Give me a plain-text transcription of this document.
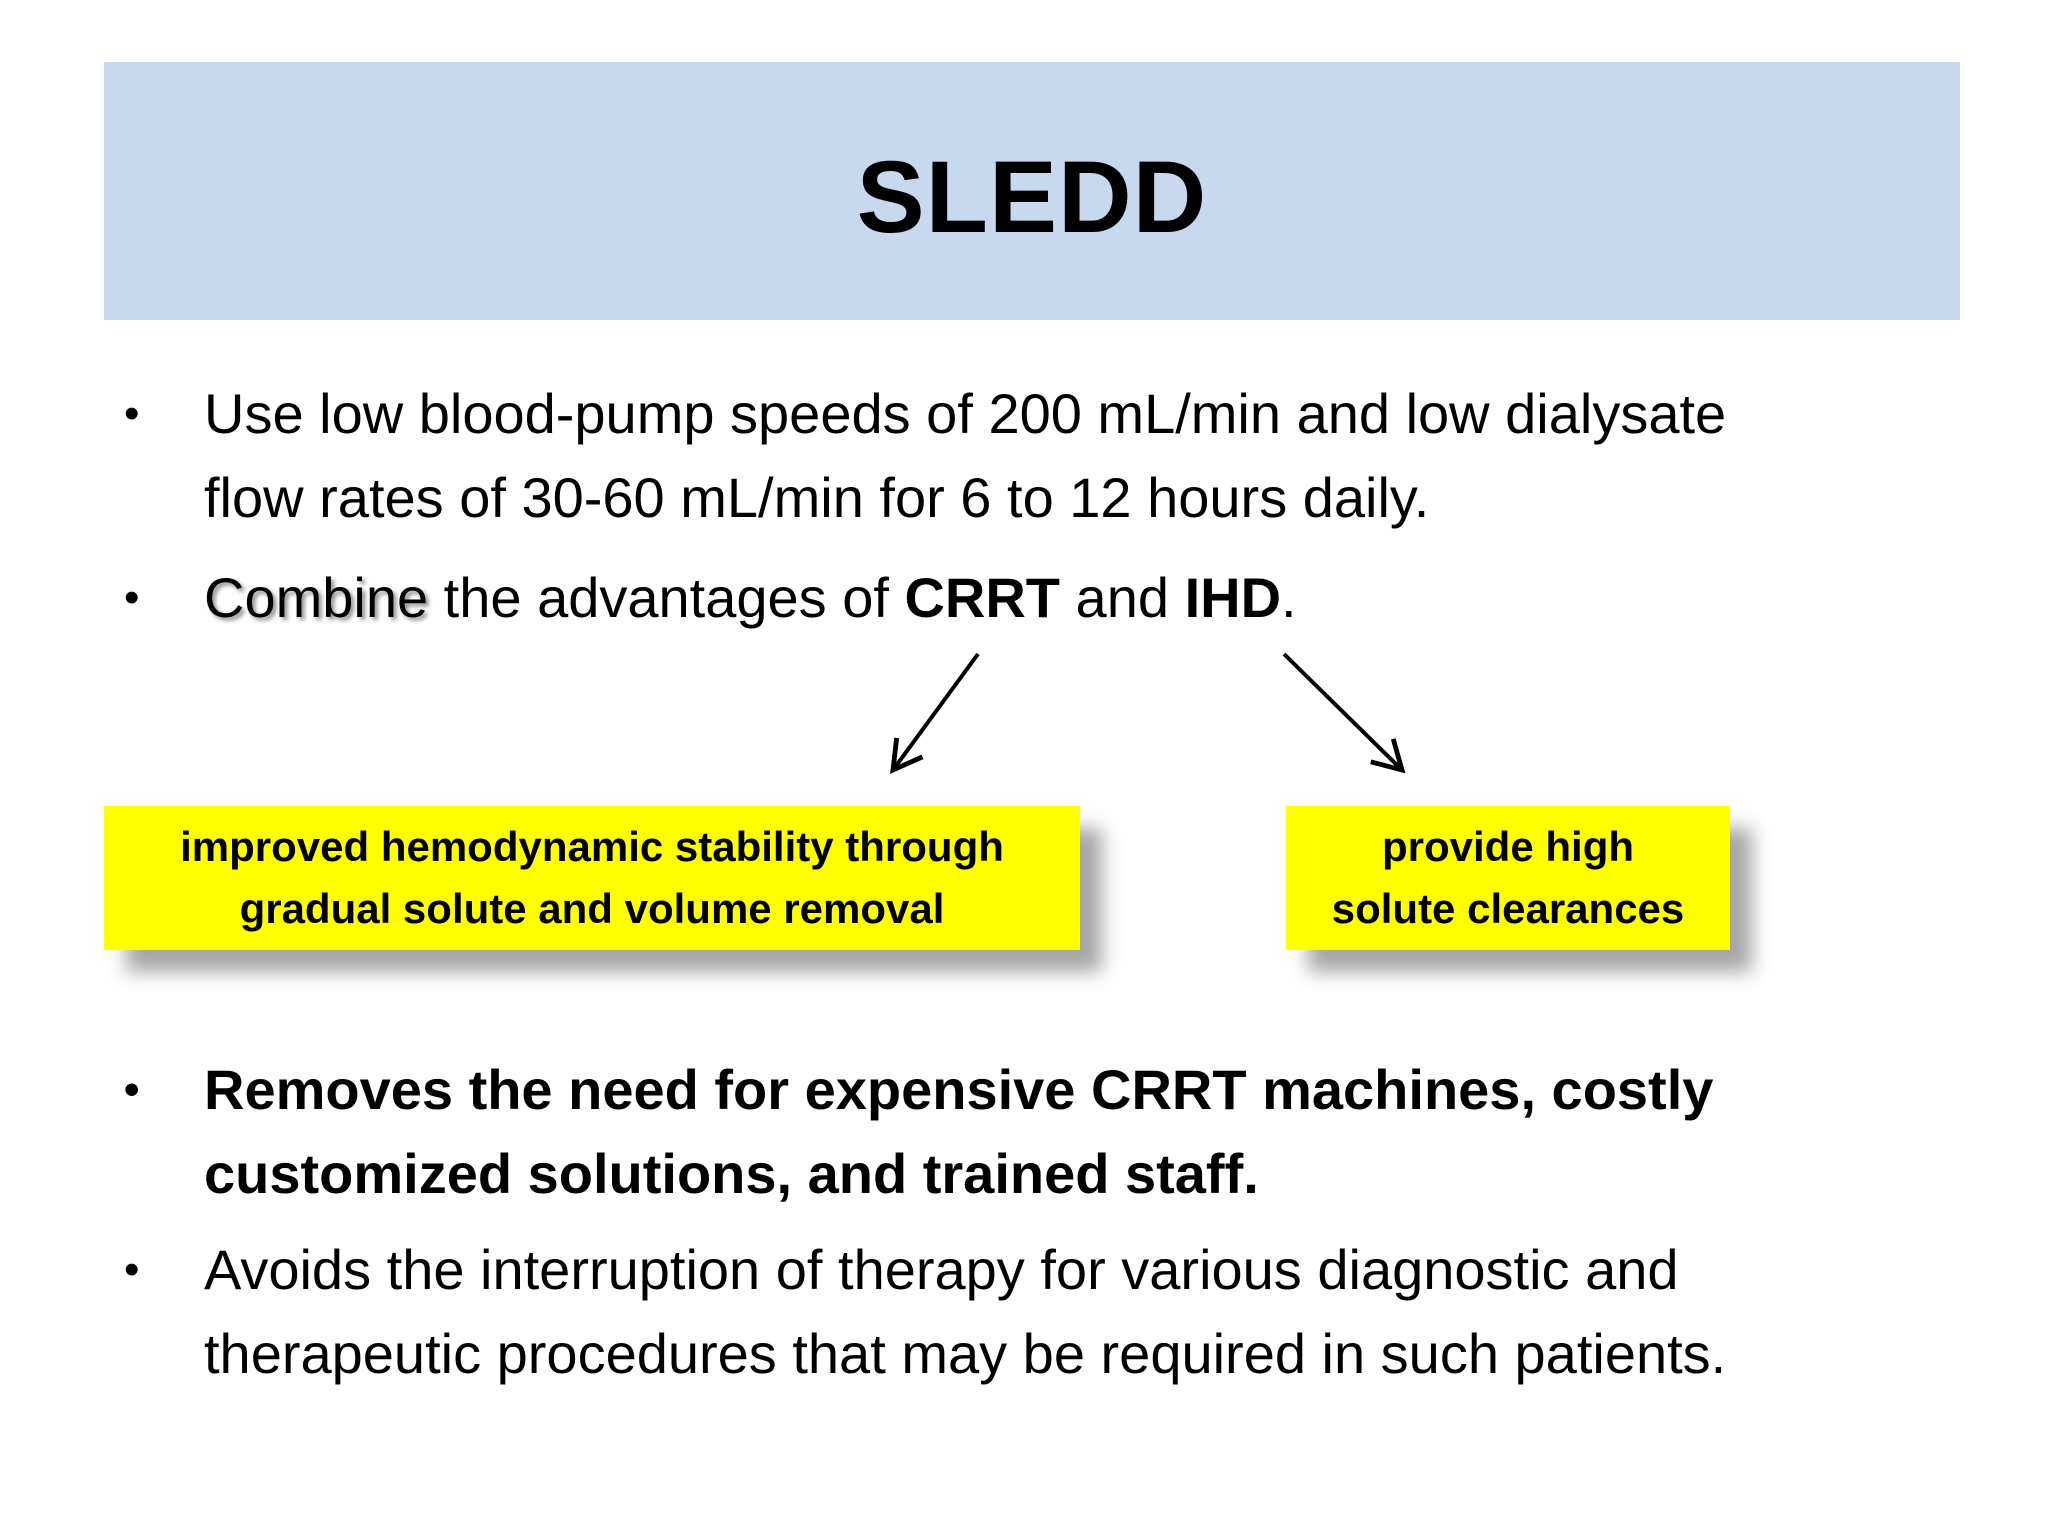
SLEDD
• Use low blood-pump speeds of 200 mL/min and low dialysate
flow rates of 30-60 mL/min for 6 to 12 hours daily.
• Combine the advantages of CRRT and IHD.
improved hemodynamic stability through
gradual solute and volume removal
provide high
solute clearances
• Removes the need for expensive CRRT machines, costly
customized solutions, and trained staff.
• Avoids the interruption of therapy for various diagnostic and
therapeutic procedures that may be required in such patients.
